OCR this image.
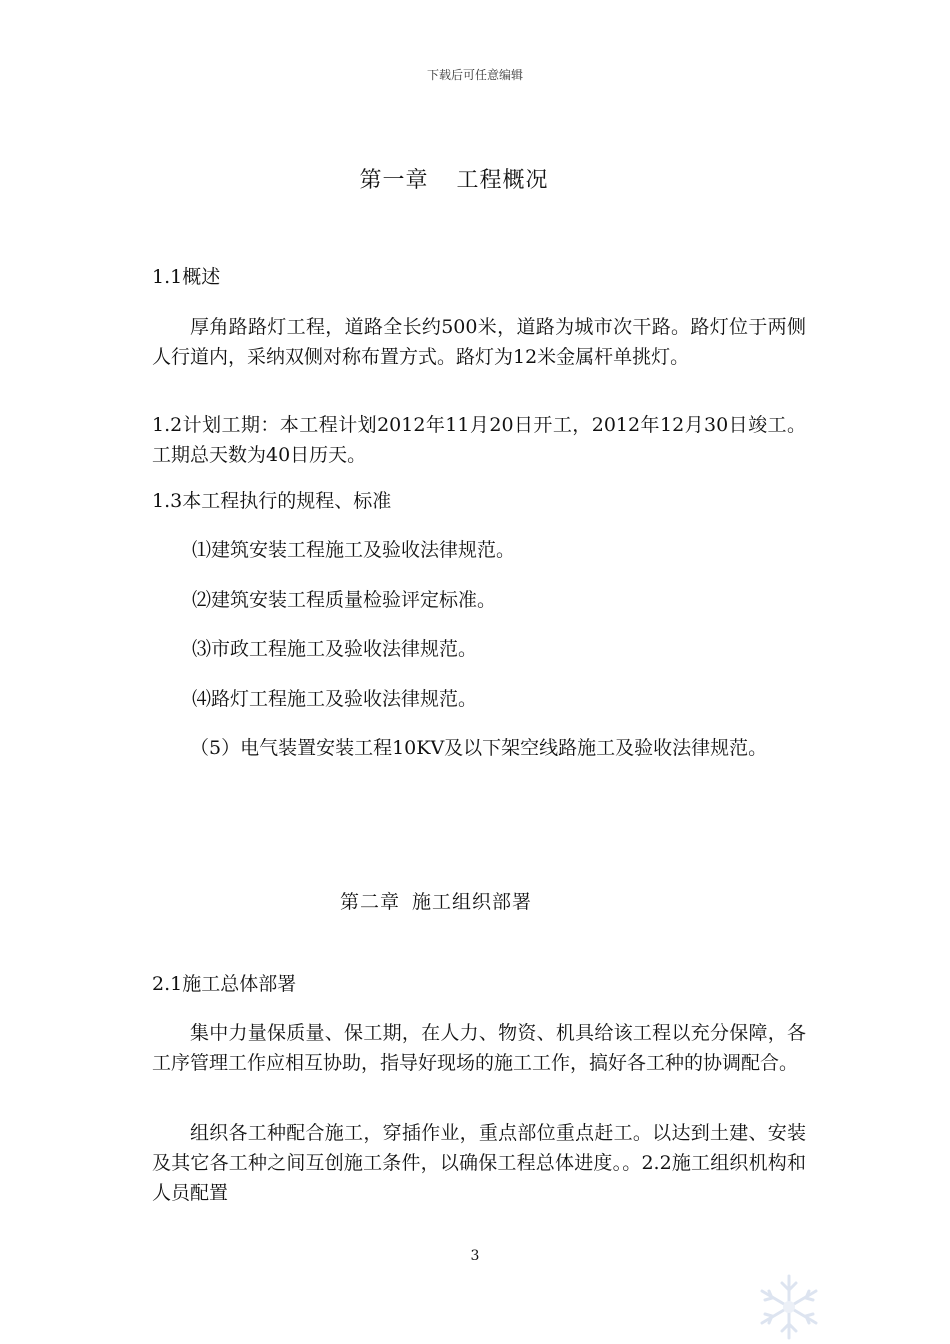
下载后可任意编辑
第一章 工程概况

1.1概述

厚角路路灯工程，道路全长约500米，道路为城市次干路。路灯位于两侧人行道内，采纳双侧对称布置方式。路灯为12米金属杆单挑灯。

1.2计划工期：本工程计划2012年11月20日开工，2012年12月30日竣工。工期总天数为40日历天。

1.3本工程执行的规程、标准

⑴建筑安装工程施工及验收法律规范。

⑵建筑安装工程质量检验评定标准。

⑶市政工程施工及验收法律规范。

⑷路灯工程施工及验收法律规范。

（5）电气装置安装工程10KV及以下架空线路施工及验收法律规范。

第二章 施工组织部署

2.1施工总体部署

集中力量保质量、保工期，在人力、物资、机具给该工程以充分保障，各工序管理工作应相互协助，指导好现场的施工工作，搞好各工种的协调配合。

组织各工种配合施工，穿插作业，重点部位重点赶工。以达到土建、安装及其它各工种之间互创施工条件，以确保工程总体进度。。2.2施工组织机构和人员配置

3
